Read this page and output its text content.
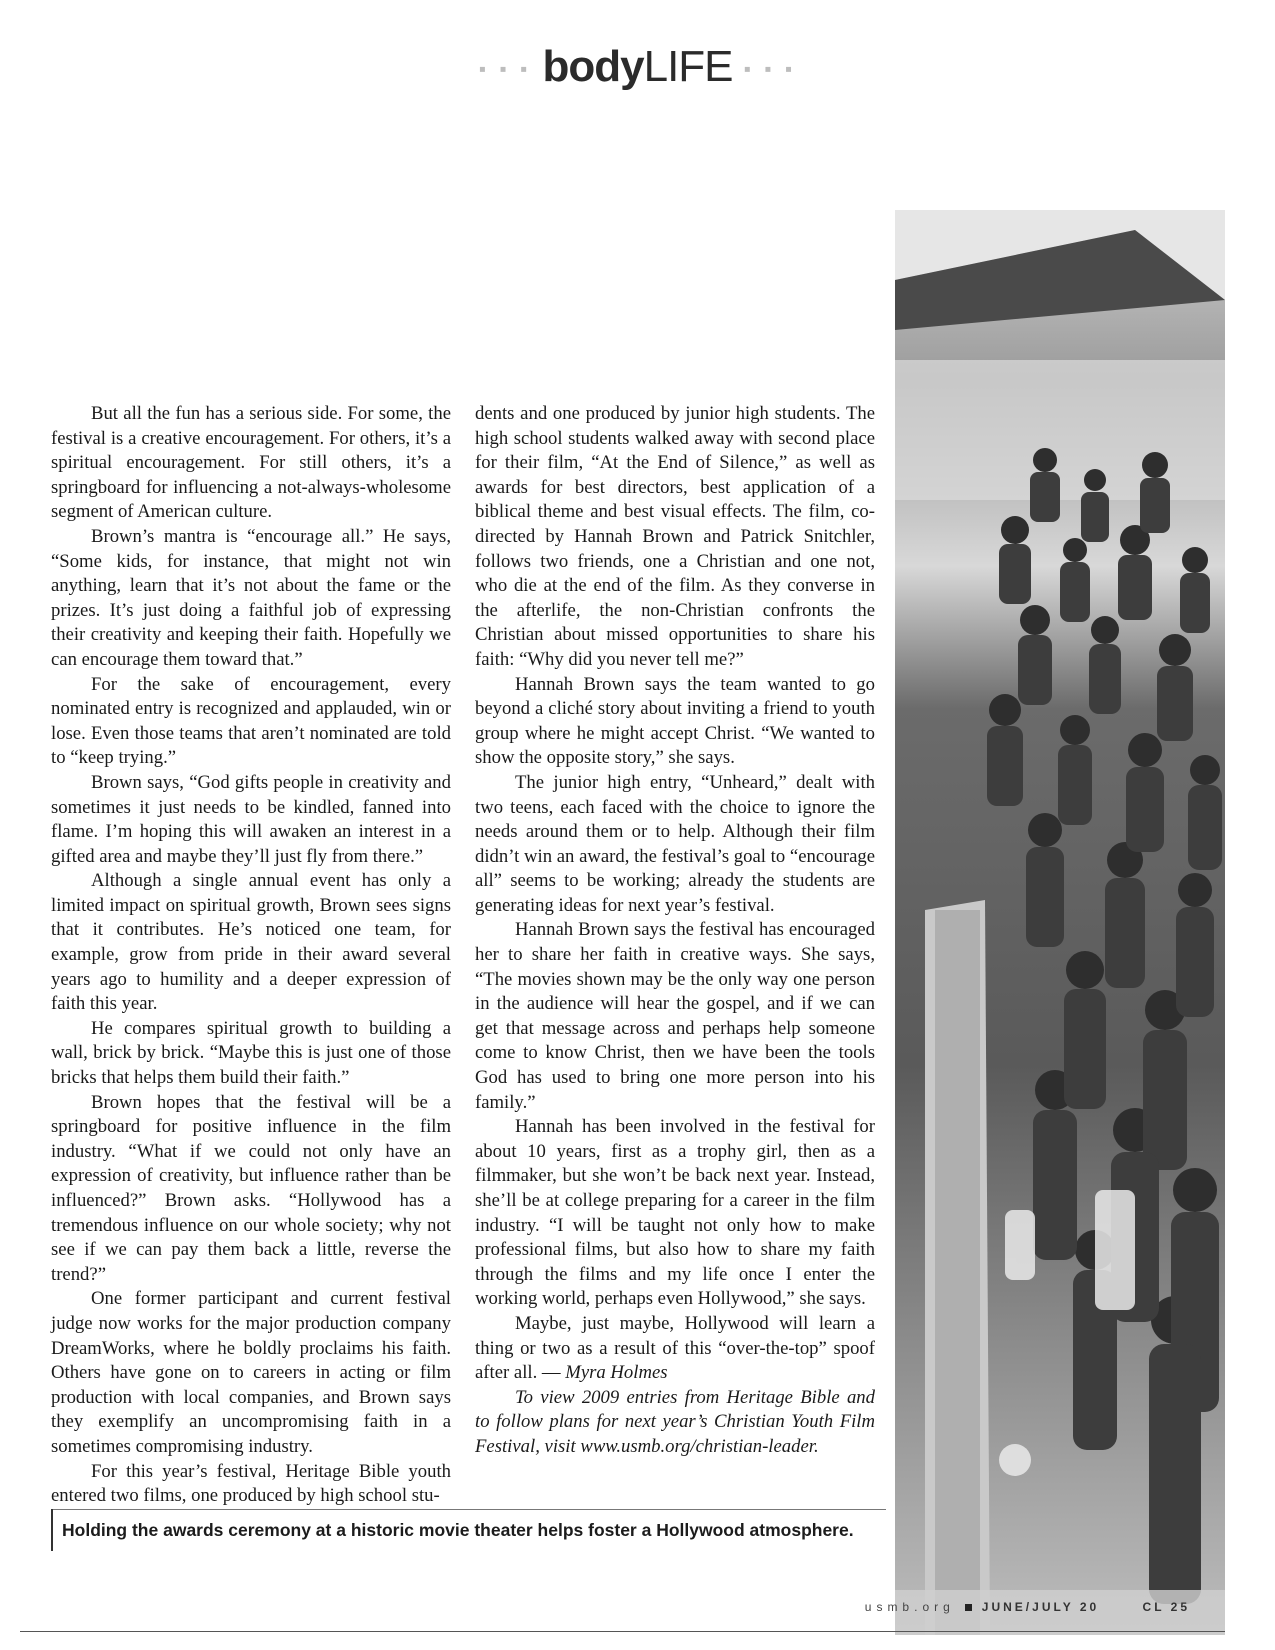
▪ ▪ ▪ bodyLIFE ▪ ▪ ▪

But all the fun has a serious side. For some, the festival is a creative encouragement. For others, it’s a spiritual encouragement. For still others, it’s a springboard for influencing a not-always-wholesome segment of American culture.

Brown’s mantra is “encourage all.” He says, “Some kids, for instance, that might not win anything, learn that it’s not about the fame or the prizes. It’s just doing a faithful job of expressing their creativity and keeping their faith. Hopefully we can encourage them toward that.”

For the sake of encouragement, every nominated entry is recognized and applauded, win or lose. Even those teams that aren’t nominated are told to “keep trying.”

Brown says, “God gifts people in creativity and sometimes it just needs to be kindled, fanned into flame. I’m hoping this will awaken an interest in a gifted area and maybe they’ll just fly from there.”

Although a single annual event has only a limited impact on spiritual growth, Brown sees signs that it contributes. He’s noticed one team, for example, grow from pride in their award several years ago to humility and a deeper expression of faith this year.

He compares spiritual growth to building a wall, brick by brick. “Maybe this is just one of those bricks that helps them build their faith.”

Brown hopes that the festival will be a springboard for positive influence in the film industry. “What if we could not only have an expression of creativity, but influence rather than be influenced?” Brown asks. “Hollywood has a tremendous influence on our whole society; why not see if we can pay them back a little, reverse the trend?”

One former participant and current festival judge now works for the major production company DreamWorks, where he boldly proclaims his faith. Others have gone on to careers in acting or film production with local companies, and Brown says they exemplify an uncompromising faith in a sometimes compromising industry.

For this year’s festival, Heritage Bible youth entered two films, one produced by high school stu-

dents and one produced by junior high students. The high school students walked away with second place for their film, “At the End of Silence,” as well as awards for best directors, best application of a biblical theme and best visual effects. The film, co-directed by Hannah Brown and Patrick Snitchler, follows two friends, one a Christian and one not, who die at the end of the film. As they converse in the afterlife, the non-Christian confronts the Christian about missed opportunities to share his faith: “Why did you never tell me?”

Hannah Brown says the team wanted to go beyond a cliché story about inviting a friend to youth group where he might accept Christ. “We wanted to show the opposite story,” she says.

The junior high entry, “Unheard,” dealt with two teens, each faced with the choice to ignore the needs around them or to help. Although their film didn’t win an award, the festival’s goal to “encourage all” seems to be working; already the students are generating ideas for next year’s festival.

Hannah Brown says the festival has encouraged her to share her faith in creative ways. She says, “The movies shown may be the only way one person in the audience will hear the gospel, and if we can get that message across and perhaps help someone come to know Christ, then we have been the tools God has used to bring one more person into his family.”

Hannah has been involved in the festival for about 10 years, first as a trophy girl, then as a filmmaker, but she won’t be back next year. Instead, she’ll be at college preparing for a career in the film industry. “I will be taught not only how to make professional films, but also how to share my faith through the films and my life once I enter the working world, perhaps even Hollywood,” she says.

Maybe, just maybe, Hollywood will learn a thing or two as a result of this “over-the-top” spoof after all. — Myra Holmes

To view 2009 entries from Heritage Bible and to follow plans for next year’s Christian Youth Film Festival, visit www.usmb.org/christian-leader.

Holding the awards ceremony at a historic movie theater helps foster a Hollywood atmosphere.
usmb.org JUNE/JULY 20	CL 25
